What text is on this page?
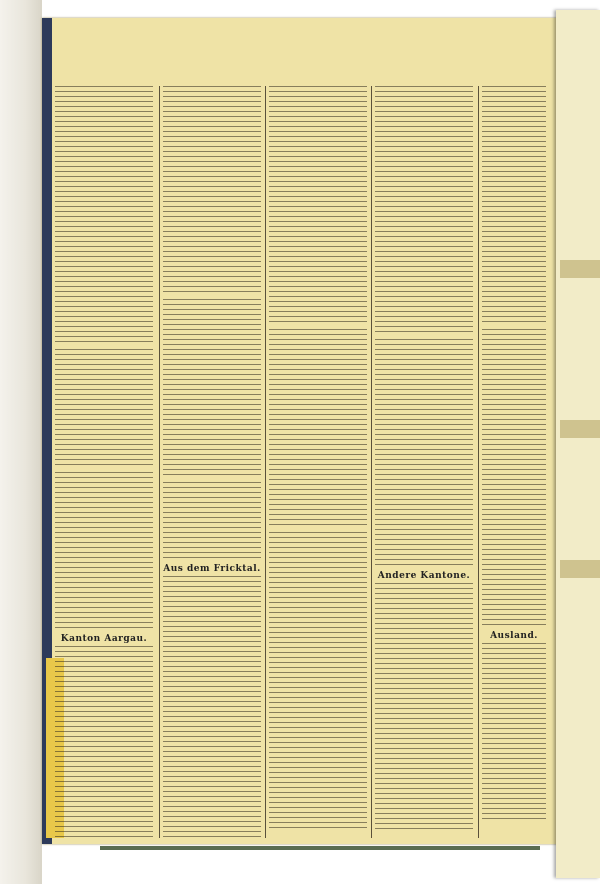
Kanton Aargau.
Aus dem Fricktal.
Andere Kantone.
Ausland.
